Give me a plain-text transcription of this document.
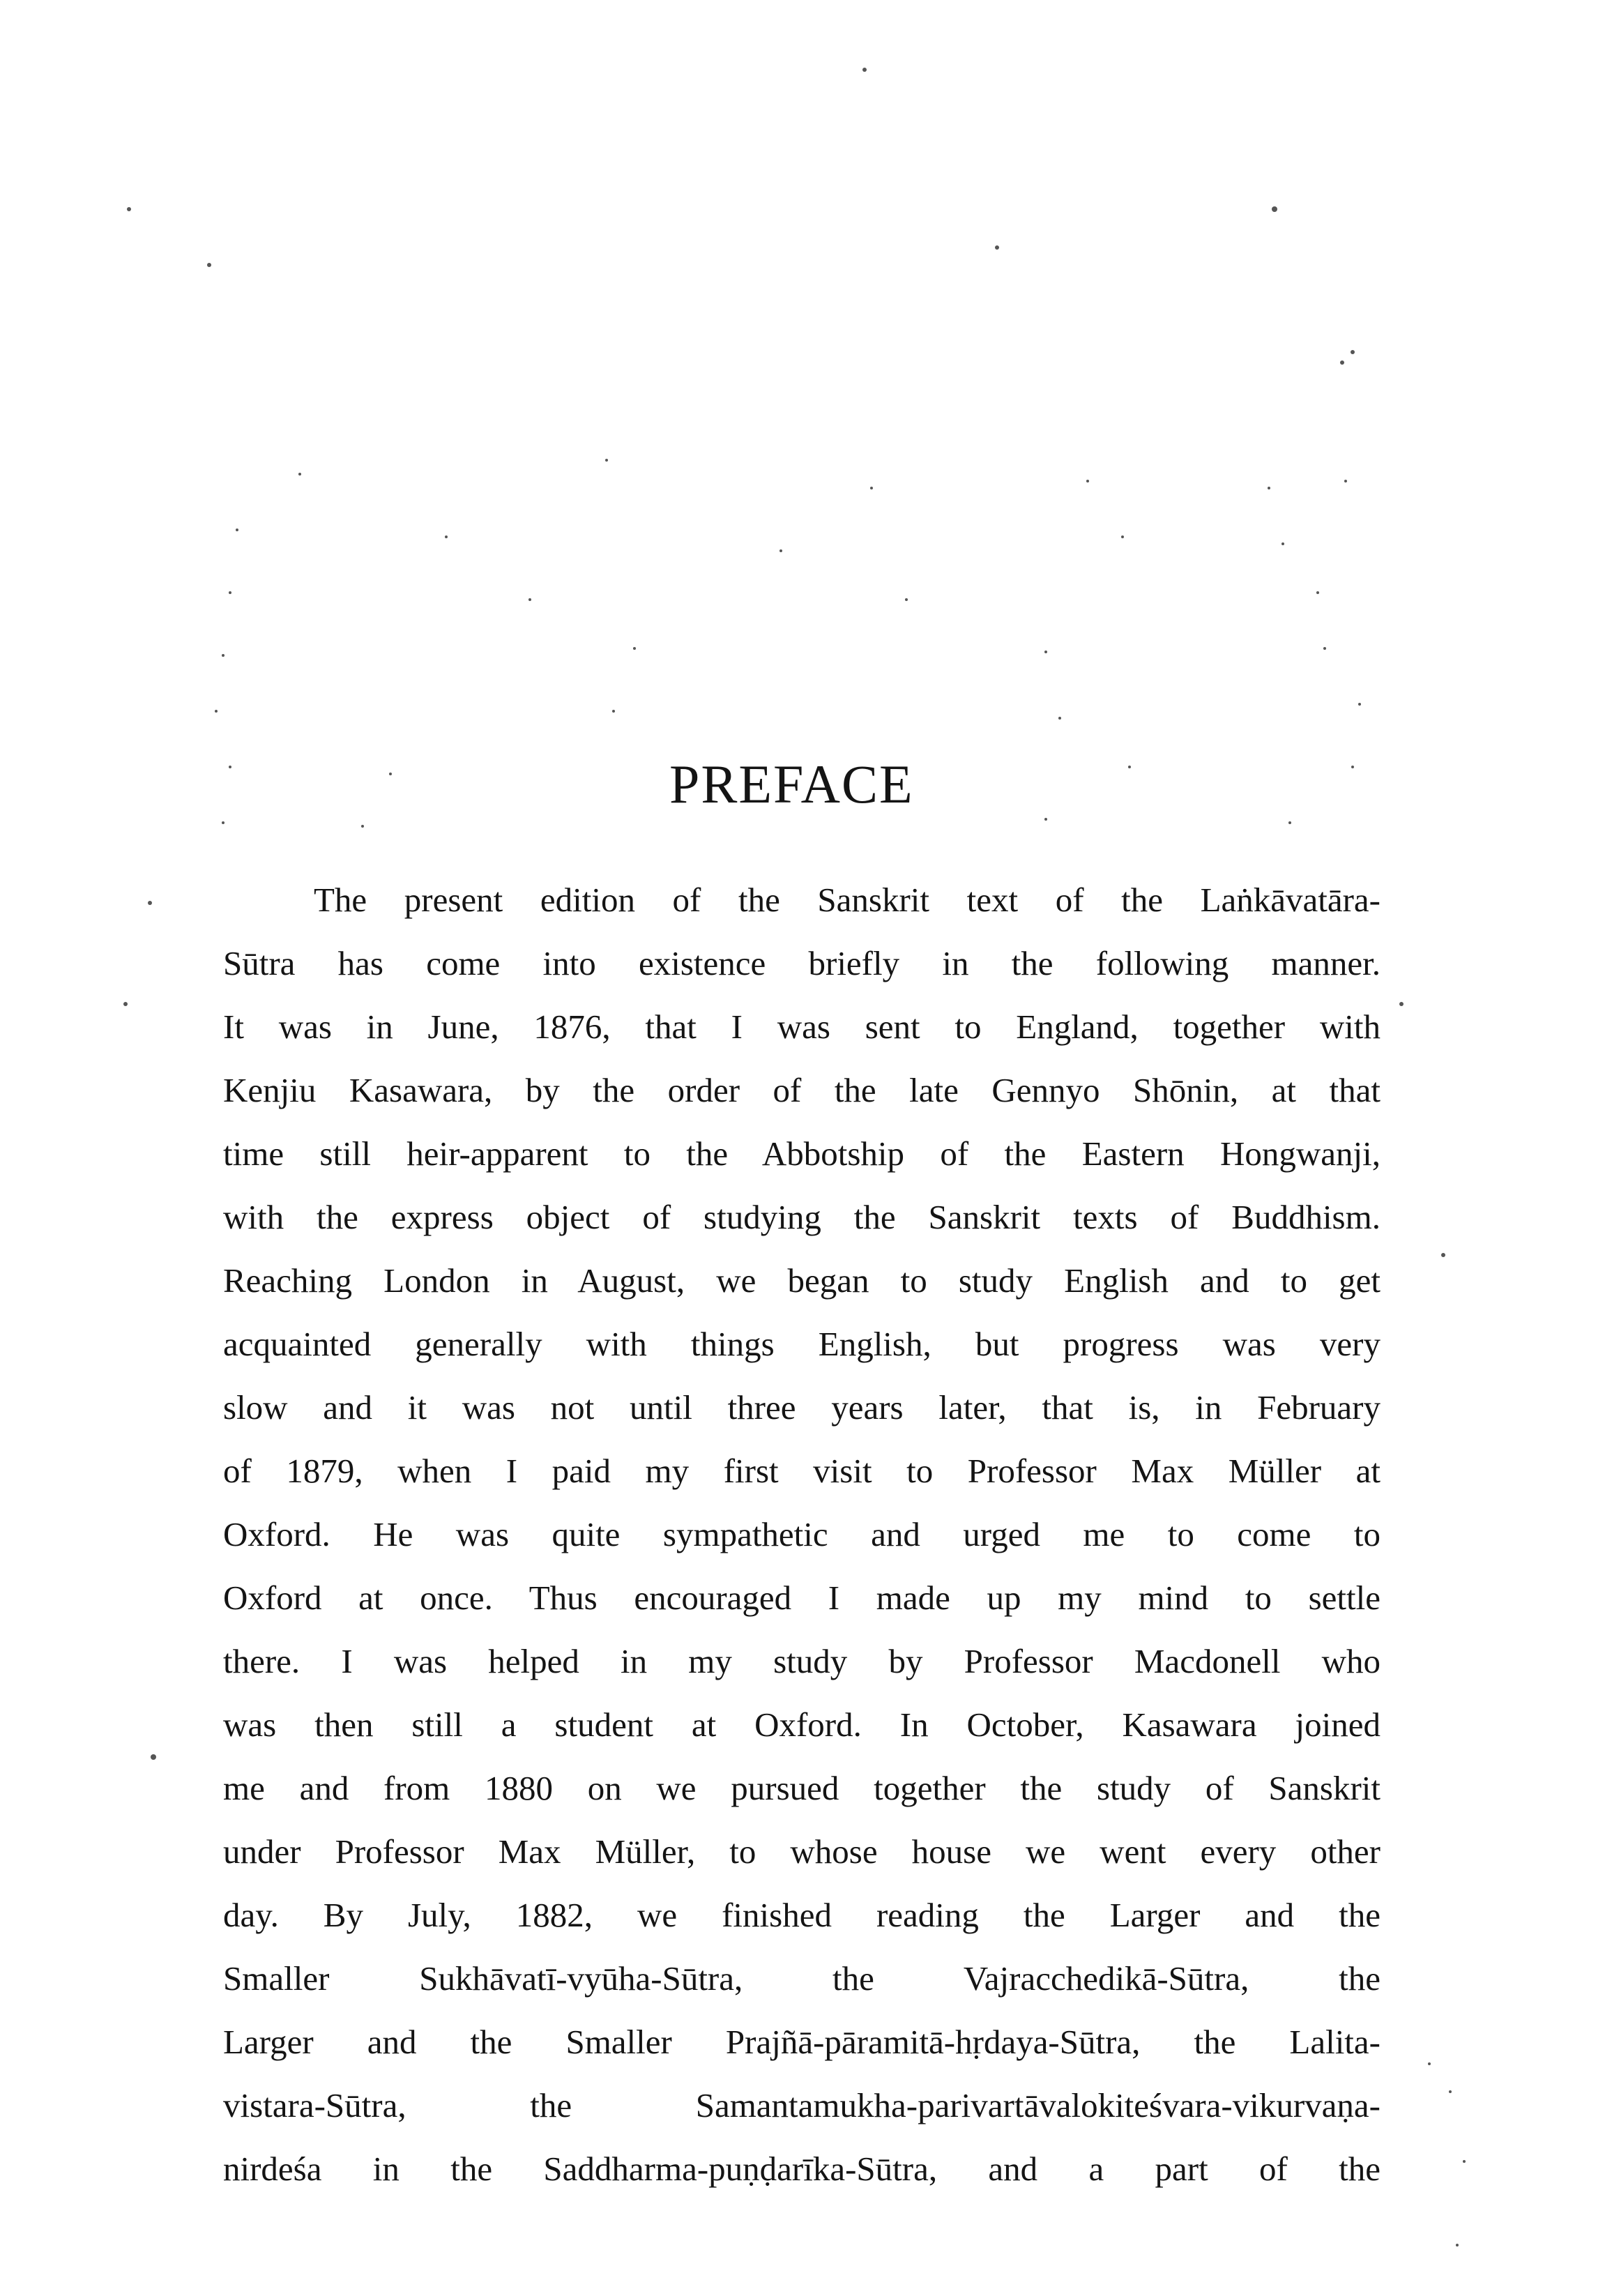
PREFACE
The present edition of the Sanskrit text of the Laṅkāvatāra-
Sūtra has come into existence briefly in the following manner.
It was in June, 1876, that I was sent to England, together with
Kenjiu Kasawara, by the order of the late Gennyo Shōnin, at that
time still heir-apparent to the Abbotship of the Eastern Hongwanji,
with the express object of studying the Sanskrit texts of Buddhism.
Reaching London in August, we began to study English and to get
acquainted generally with things English, but progress was very
slow and it was not until three years later, that is, in February
of 1879, when I paid my first visit to Professor Max Müller at
Oxford. He was quite sympathetic and urged me to come to
Oxford at once. Thus encouraged I made up my mind to settle
there. I was helped in my study by Professor Macdonell who
was then still a student at Oxford. In October, Kasawara joined
me and from 1880 on we pursued together the study of Sanskrit
under Professor Max Müller, to whose house we went every other
day. By July, 1882, we finished reading the Larger and the
Smaller Sukhāvatī-vyūha-Sūtra, the Vajracchedikā-Sūtra, the
Larger and the Smaller Prajñā-pāramitā-hṛdaya-Sūtra, the Lalita-
vistara-Sūtra, the Samantamukha-parivartāvalokiteśvara-vikurvaṇa-
nirdeśa in the Saddharma-puṇḍarīka-Sūtra, and a part of the
